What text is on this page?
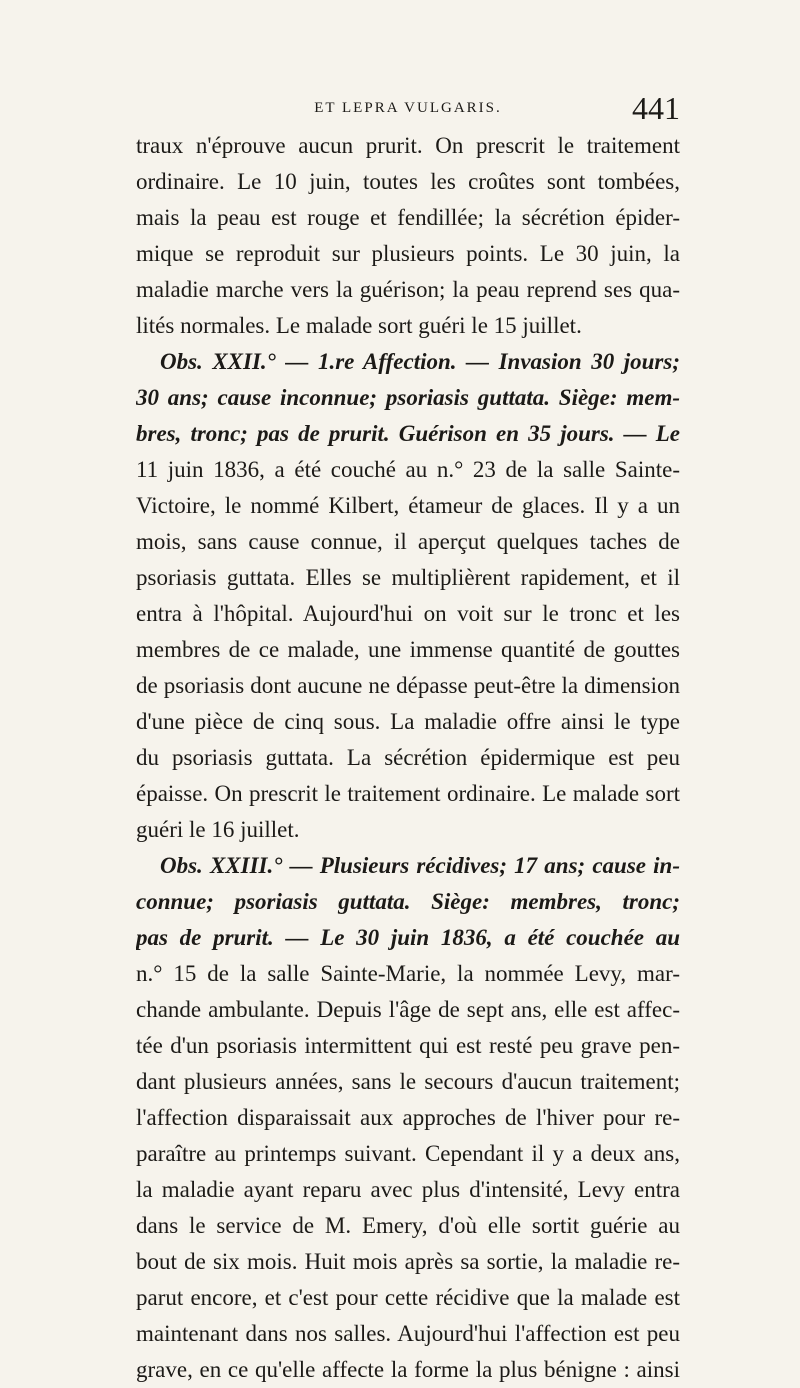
ET LEPRA VULGARIS.	441
traux n'éprouve aucun prurit. On prescrit le traitement
ordinaire. Le 10 juin, toutes les croûtes sont tombées,
mais la peau est rouge et fendillée; la sécrétion épider-
mique se reproduit sur plusieurs points. Le 30 juin, la
maladie marche vers la guérison; la peau reprend ses qua-
lités normales. Le malade sort guéri le 15 juillet.
Obs. XXII.° — 1.re Affection. — Invasion 30 jours;
30 ans; cause inconnue; psoriasis guttata. Siège: mem-
bres, tronc; pas de prurit. Guérison en 35 jours. — Le
11 juin 1836, a été couché au n.° 23 de la salle Sainte-
Victoire, le nommé Kilbert, étameur de glaces. Il y a un
mois, sans cause connue, il aperçut quelques taches de
psoriasis guttata. Elles se multiplièrent rapidement, et il
entra à l'hôpital. Aujourd'hui on voit sur le tronc et les
membres de ce malade, une immense quantité de gouttes
de psoriasis dont aucune ne dépasse peut-être la dimension
d'une pièce de cinq sous. La maladie offre ainsi le type
du psoriasis guttata. La sécrétion épidermique est peu
épaisse. On prescrit le traitement ordinaire. Le malade sort
guéri le 16 juillet.
Obs. XXIII.° — Plusieurs récidives; 17 ans; cause in-
connue; psoriasis guttata. Siège: membres, tronc;
pas de prurit. — Le 30 juin 1836, a été couchée au
n.° 15 de la salle Sainte-Marie, la nommée Levy, mar-
chande ambulante. Depuis l'âge de sept ans, elle est affec-
tée d'un psoriasis intermittent qui est resté peu grave pen-
dant plusieurs années, sans le secours d'aucun traitement;
l'affection disparaissait aux approches de l'hiver pour re-
paraître au printemps suivant. Cependant il y a deux ans,
la maladie ayant reparu avec plus d'intensité, Levy entra
dans le service de M. Emery, d'où elle sortit guérie au
bout de six mois. Huit mois après sa sortie, la maladie re-
parut encore, et c'est pour cette récidive que la malade est
maintenant dans nos salles. Aujourd'hui l'affection est peu
grave, en ce qu'elle affecte la forme la plus bénigne : ainsi
